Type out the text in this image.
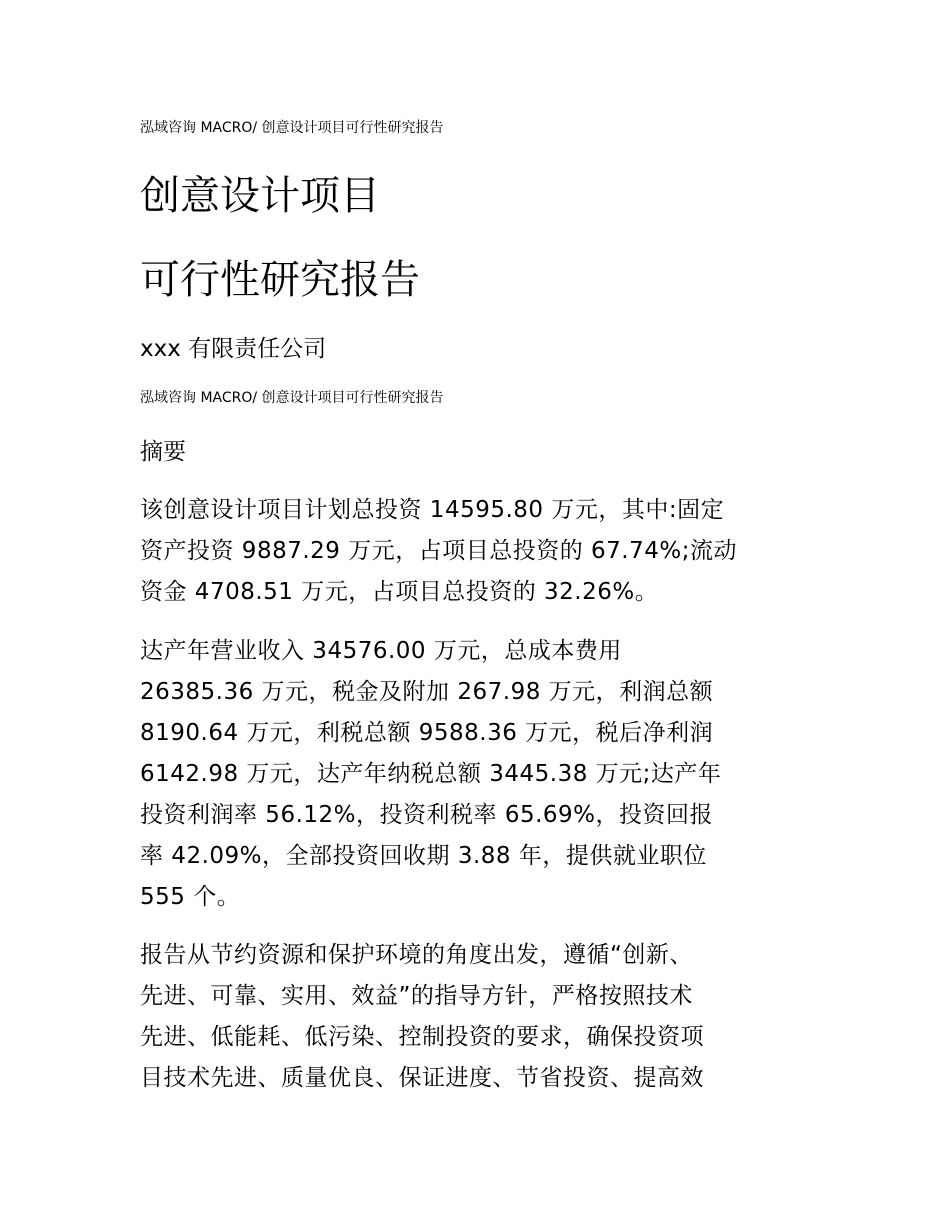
泓域咨询 MACRO/ 创意设计项目可行性研究报告
创意设计项目
可行性研究报告
xxx 有限责任公司
泓域咨询 MACRO/ 创意设计项目可行性研究报告
摘要
该创意设计项目计划总投资 14595.80 万元，其中:固定
资产投资 9887.29 万元，占项目总投资的 67.74%;流动
资金 4708.51 万元，占项目总投资的 32.26%。
达产年营业收入 34576.00 万元，总成本费用
26385.36 万元，税金及附加 267.98 万元，利润总额
8190.64 万元，利税总额 9588.36 万元，税后净利润
6142.98 万元，达产年纳税总额 3445.38 万元;达产年
投资利润率 56.12%，投资利税率 65.69%，投资回报
率 42.09%，全部投资回收期 3.88 年，提供就业职位
555 个。
报告从节约资源和保护环境的角度出发，遵循“创新、
先进、可靠、实用、效益”的指导方针，严格按照技术
先进、低能耗、低污染、控制投资的要求，确保投资项
目技术先进、质量优良、保证进度、节省投资、提高效
